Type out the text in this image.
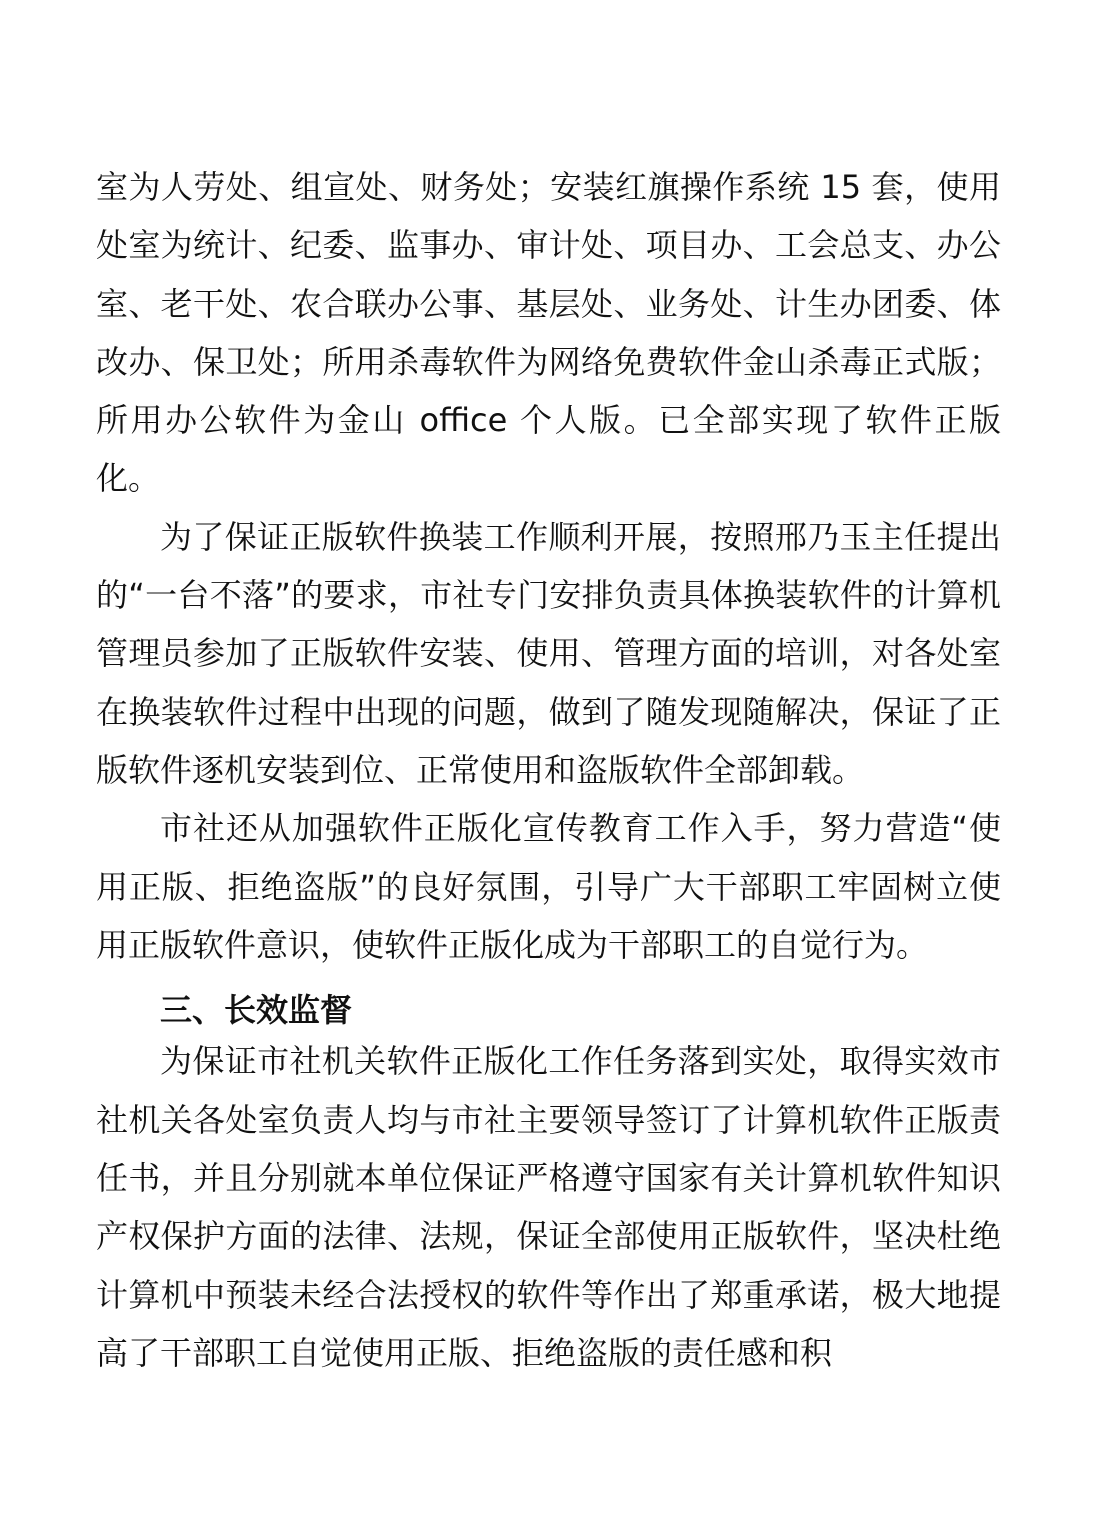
室为人劳处、组宣处、财务处；安装红旗操作系统 15 套，使用处室为统计、纪委、监事办、审计处、项目办、工会总支、办公室、老干处、农合联办公事、基层处、业务处、计生办团委、体改办、保卫处；所用杀毒软件为网络免费软件金山杀毒正式版；所用办公软件为金山 office 个人版。已全部实现了软件正版化。

为了保证正版软件换装工作顺利开展，按照邢乃玉主任提出的“一台不落”的要求，市社专门安排负责具体换装软件的计算机管理员参加了正版软件安装、使用、管理方面的培训，对各处室在换装软件过程中出现的问题，做到了随发现随解决，保证了正版软件逐机安装到位、正常使用和盗版软件全部卸载。

市社还从加强软件正版化宣传教育工作入手，努力营造“使用正版、拒绝盗版”的良好氛围，引导广大干部职工牢固树立使用正版软件意识，使软件正版化成为干部职工的自觉行为。

三、长效监督

为保证市社机关软件正版化工作任务落到实处，取得实效市社机关各处室负责人均与市社主要领导签订了计算机软件正版责任书，并且分别就本单位保证严格遵守国家有关计算机软件知识产权保护方面的法律、法规，保证全部使用正版软件，坚决杜绝计算机中预装未经合法授权的软件等作出了郑重承诺，极大地提高了干部职工自觉使用正版、拒绝盗版的责任感和积
